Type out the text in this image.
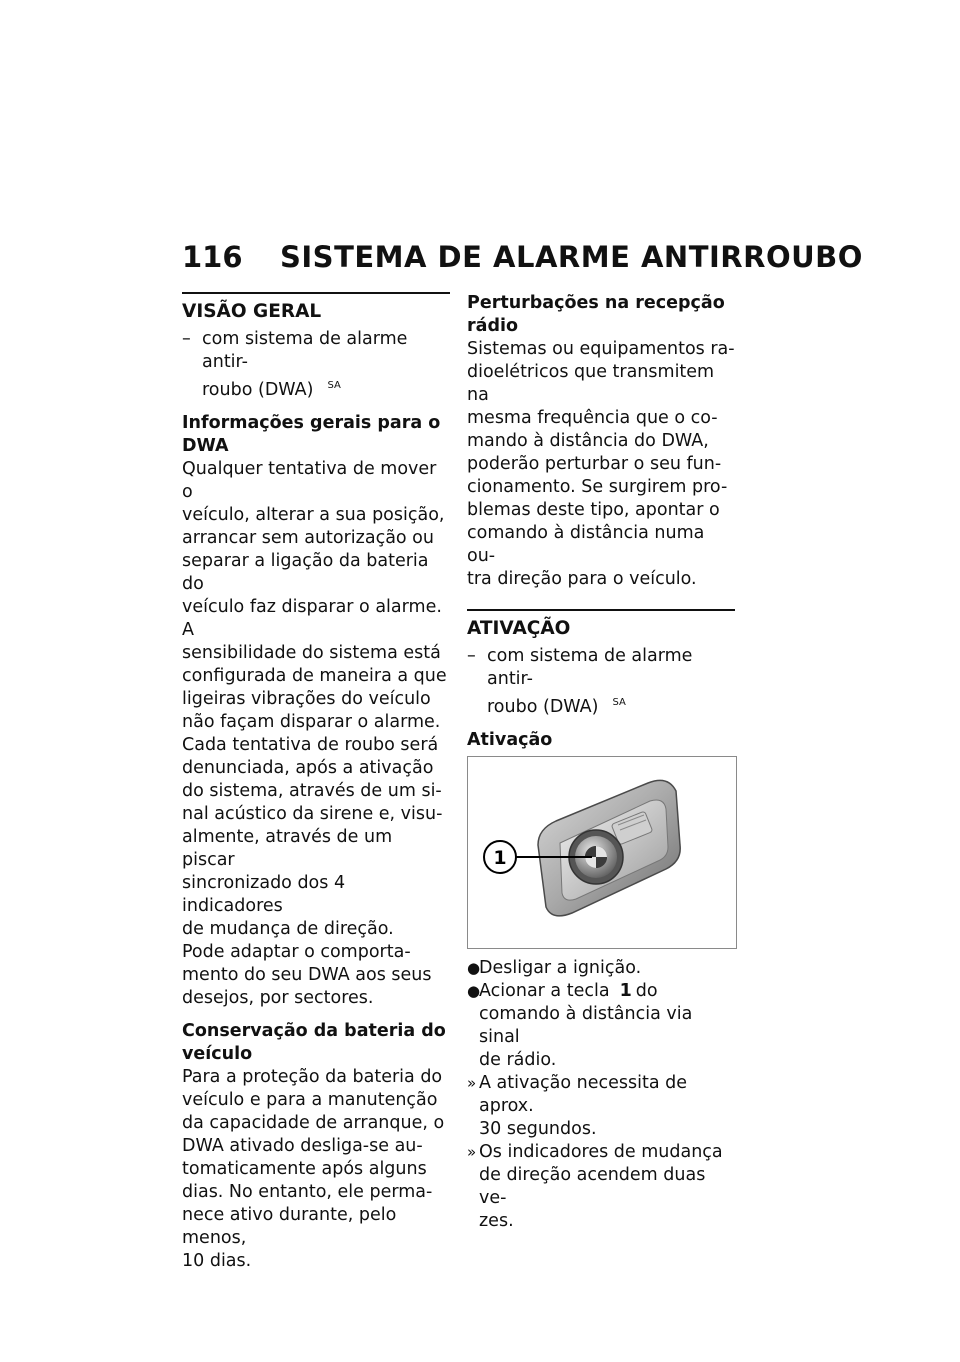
116	SISTEMA DE ALARME ANTIRROUBO
VISÃO GERAL
– com sistema de alarme antir-
roubo (DWA) $^{SA}$
Informações gerais para o
DWA
Qualquer tentativa de mover o
veículo, alterar a sua posição,
arrancar sem autorização ou
separar a ligação da bateria do
veículo faz disparar o alarme. A
sensibilidade do sistema está
configurada de maneira a que
ligeiras vibrações do veículo
não façam disparar o alarme.
Cada tentativa de roubo será
denunciada, após a ativação
do sistema, através de um si-
nal acústico da sirene e, visu-
almente, através de um piscar
sincronizado dos 4 indicadores
de mudança de direção.
Pode adaptar o comporta-
mento do seu DWA aos seus
desejos, por sectores.
Conservação da bateria do
veículo
Para a proteção da bateria do
veículo e para a manutenção
da capacidade de arranque, o
DWA ativado desliga-se au-
tomaticamente após alguns
dias. No entanto, ele perma-
nece ativo durante, pelo menos,
10 dias.
Perturbações na recepção
rádio
Sistemas ou equipamentos ra-
dioelétricos que transmitem na
mesma frequência que o co-
mando à distância do DWA,
poderão perturbar o seu fun-
cionamento. Se surgirem pro-
blemas deste tipo, apontar o
comando à distância numa ou-
tra direção para o veículo.
ATIVAÇÃO
– com sistema de alarme antir-
roubo (DWA) $^{SA}$
Ativação
1
●
Desligar a ignição.
●
Acionar a tecla 1 do
comando à distância via sinal
de rádio.
» A ativação necessita de aprox.
30 segundos.
» Os indicadores de mudança
de direção acendem duas ve-
zes.
